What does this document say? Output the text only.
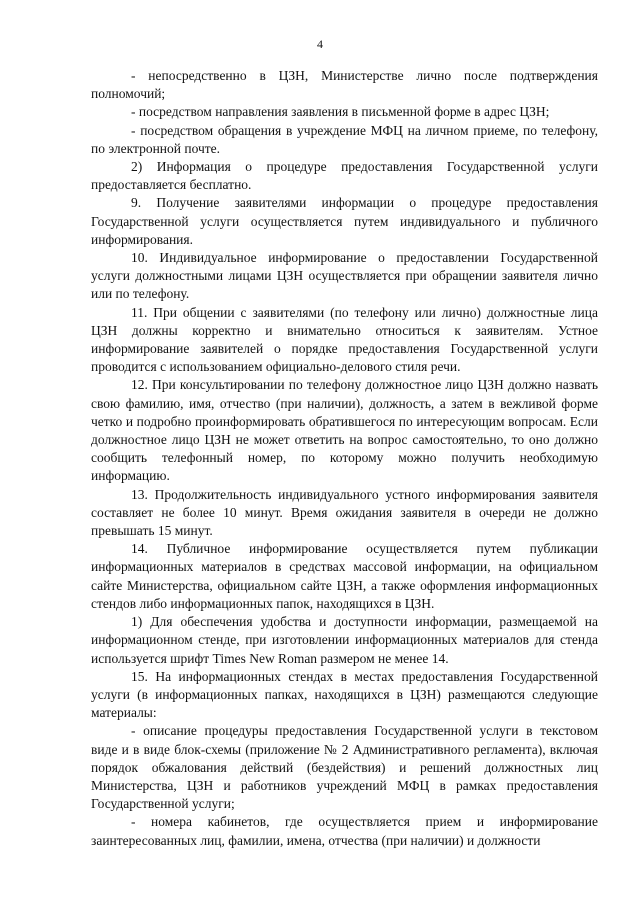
4

- непосредственно в ЦЗН, Министерстве лично после подтверждения полномочий;

- посредством направления заявления в письменной форме в адрес ЦЗН;

- посредством обращения в учреждение МФЦ на личном приеме, по телефону, по электронной почте.

2) Информация о процедуре предоставления Государственной услуги предоставляется бесплатно.

9. Получение заявителями информации о процедуре предоставления Государственной услуги осуществляется путем индивидуального и публичного информирования.

10. Индивидуальное информирование о предоставлении Государственной услуги должностными лицами ЦЗН осуществляется при обращении заявителя лично или по телефону.

11. При общении с заявителями (по телефону или лично) должностные лица ЦЗН должны корректно и внимательно относиться к заявителям. Устное информирование заявителей о порядке предоставления Государственной услуги проводится с использованием официально-делового стиля речи.

12. При консультировании по телефону должностное лицо ЦЗН должно назвать свою фамилию, имя, отчество (при наличии), должность, а затем в вежливой форме четко и подробно проинформировать обратившегося по интересующим вопросам. Если должностное лицо ЦЗН не может ответить на вопрос самостоятельно, то оно должно сообщить телефонный номер, по которому можно получить необходимую информацию.

13. Продолжительность индивидуального устного информирования заявителя составляет не более 10 минут. Время ожидания заявителя в очереди не должно превышать 15 минут.

14. Публичное информирование осуществляется путем публикации информационных материалов в средствах массовой информации, на официальном сайте Министерства, официальном сайте ЦЗН, а также оформления информационных стендов либо информационных папок, находящихся в ЦЗН.

1) Для обеспечения удобства и доступности информации, размещаемой на информационном стенде, при изготовлении информационных материалов для стенда используется шрифт Times New Roman размером не менее 14.

15. На информационных стендах в местах предоставления Государственной услуги (в информационных папках, находящихся в ЦЗН) размещаются следующие материалы:

- описание процедуры предоставления Государственной услуги в текстовом виде и в виде блок-схемы (приложение № 2 Административного регламента), включая порядок обжалования действий (бездействия) и решений должностных лиц Министерства, ЦЗН и работников учреждений МФЦ в рамках предоставления Государственной услуги;

- номера кабинетов, где осуществляется прием и информирование заинтересованных лиц, фамилии, имена, отчества (при наличии) и должности
